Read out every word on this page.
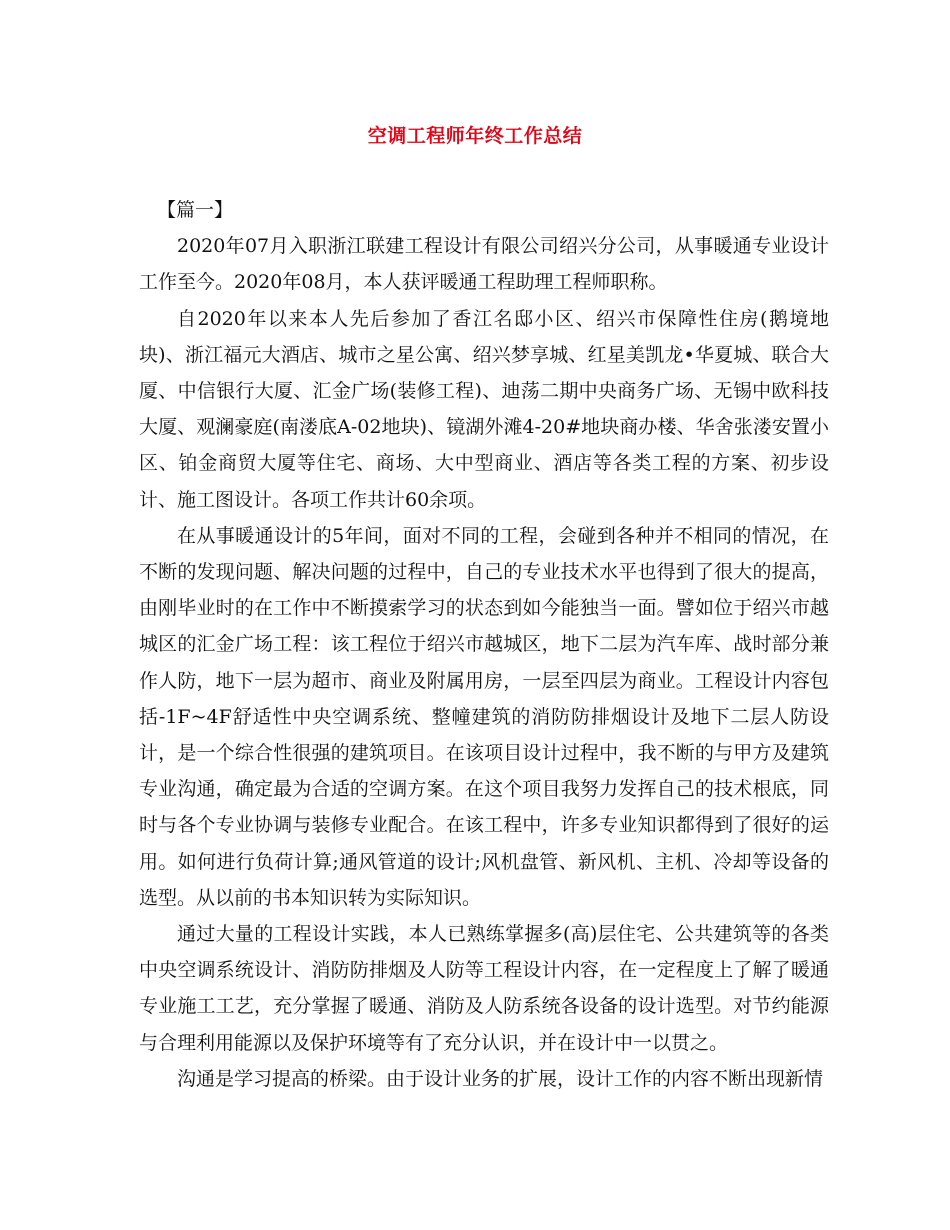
空调工程师年终工作总结

【篇一】

2020年07月入职浙江联建工程设计有限公司绍兴分公司，从事暖通专业设计工作至今。2020年08月，本人获评暖通工程助理工程师职称。

自2020年以来本人先后参加了香江名邸小区、绍兴市保障性住房(鹅境地块)、浙江福元大酒店、城市之星公寓、绍兴梦享城、红星美凯龙•华夏城、联合大厦、中信银行大厦、汇金广场(装修工程)、迪荡二期中央商务广场、无锡中欧科技大厦、观澜豪庭(南溇底A-02地块)、镜湖外滩4-20#地块商办楼、华舍张溇安置小区、铂金商贸大厦等住宅、商场、大中型商业、酒店等各类工程的方案、初步设计、施工图设计。各项工作共计60余项。

在从事暖通设计的5年间，面对不同的工程，会碰到各种并不相同的情况，在不断的发现问题、解决问题的过程中，自己的专业技术水平也得到了很大的提高，由刚毕业时的在工作中不断摸索学习的状态到如今能独当一面。譬如位于绍兴市越城区的汇金广场工程：该工程位于绍兴市越城区，地下二层为汽车库、战时部分兼作人防，地下一层为超市、商业及附属用房，一层至四层为商业。工程设计内容包括-1F~4F舒适性中央空调系统、整幢建筑的消防防排烟设计及地下二层人防设计，是一个综合性很强的建筑项目。在该项目设计过程中，我不断的与甲方及建筑专业沟通，确定最为合适的空调方案。在这个项目我努力发挥自己的技术根底，同时与各个专业协调与装修专业配合。在该工程中，许多专业知识都得到了很好的运用。如何进行负荷计算;通风管道的设计;风机盘管、新风机、主机、冷却等设备的选型。从以前的书本知识转为实际知识。

通过大量的工程设计实践，本人已熟练掌握多(高)层住宅、公共建筑等的各类中央空调系统设计、消防防排烟及人防等工程设计内容，在一定程度上了解了暖通专业施工工艺，充分掌握了暖通、消防及人防系统各设备的设计选型。对节约能源与合理利用能源以及保护环境等有了充分认识，并在设计中一以贯之。

沟通是学习提高的桥梁。由于设计业务的扩展，设计工作的内容不断出现新情
